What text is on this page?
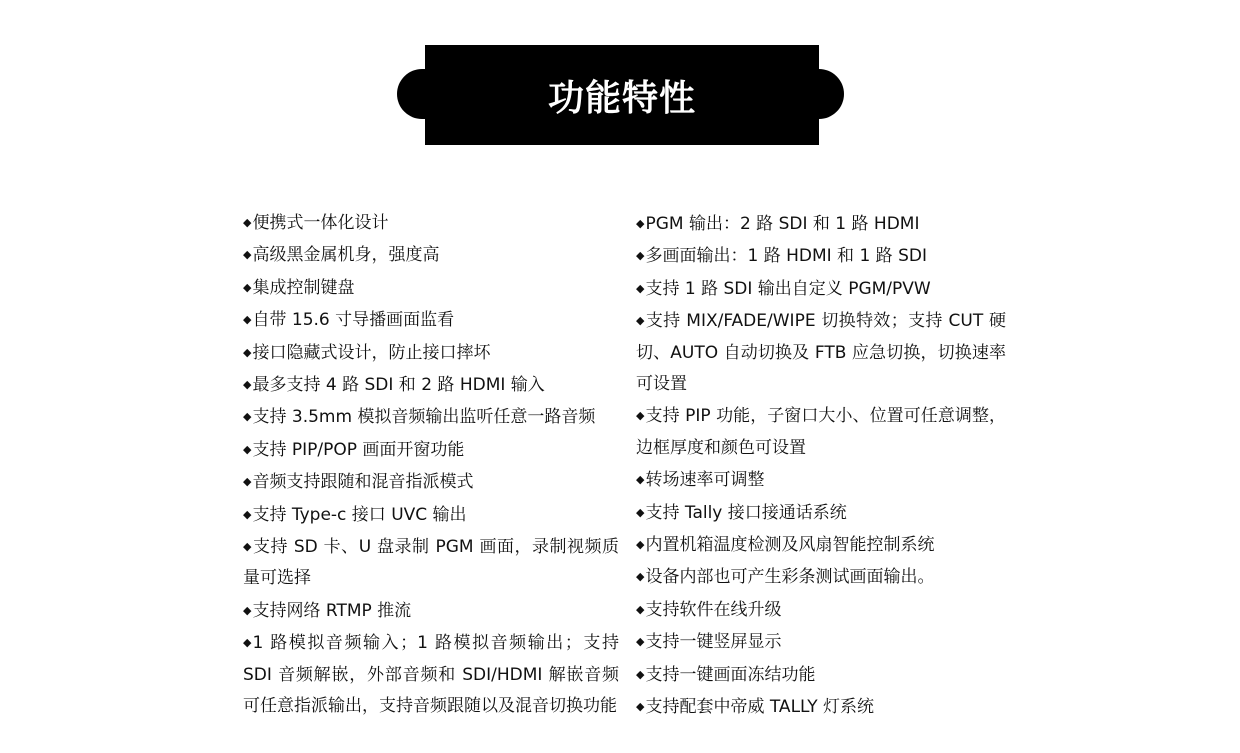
功能特性

◆便携式一体化设计

◆高级黑金属机身，强度高

◆集成控制键盘

◆自带 15.6 寸导播画面监看

◆接口隐藏式设计，防止接口摔坏

◆最多支持 4 路 SDI 和 2 路 HDMI 输入

◆支持 3.5mm 模拟音频输出监听任意一路音频

◆支持 PIP/POP 画面开窗功能

◆音频支持跟随和混音指派模式

◆支持 Type-c 接口 UVC 输出

◆支持 SD 卡、U 盘录制 PGM 画面，录制视频质量可选择

◆支持网络 RTMP 推流

◆1 路模拟音频输入；1 路模拟音频输出；支持 SDI 音频解嵌，外部音频和 SDI/HDMI 解嵌音频可任意指派输出，支持音频跟随以及混音切换功能

◆PGM 输出：2 路 SDI 和 1 路 HDMI

◆多画面输出：1 路 HDMI 和 1 路 SDI

◆支持 1 路 SDI 输出自定义 PGM/PVW

◆支持 MIX/FADE/WIPE 切换特效；支持 CUT 硬切、AUTO 自动切换及 FTB 应急切换，切换速率可设置

◆支持 PIP 功能，子窗口大小、位置可任意调整，边框厚度和颜色可设置

◆转场速率可调整

◆支持 Tally 接口接通话系统

◆内置机箱温度检测及风扇智能控制系统

◆设备内部也可产生彩条测试画面输出。

◆支持软件在线升级

◆支持一键竖屏显示

◆支持一键画面冻结功能

◆支持配套中帝威 TALLY 灯系统
